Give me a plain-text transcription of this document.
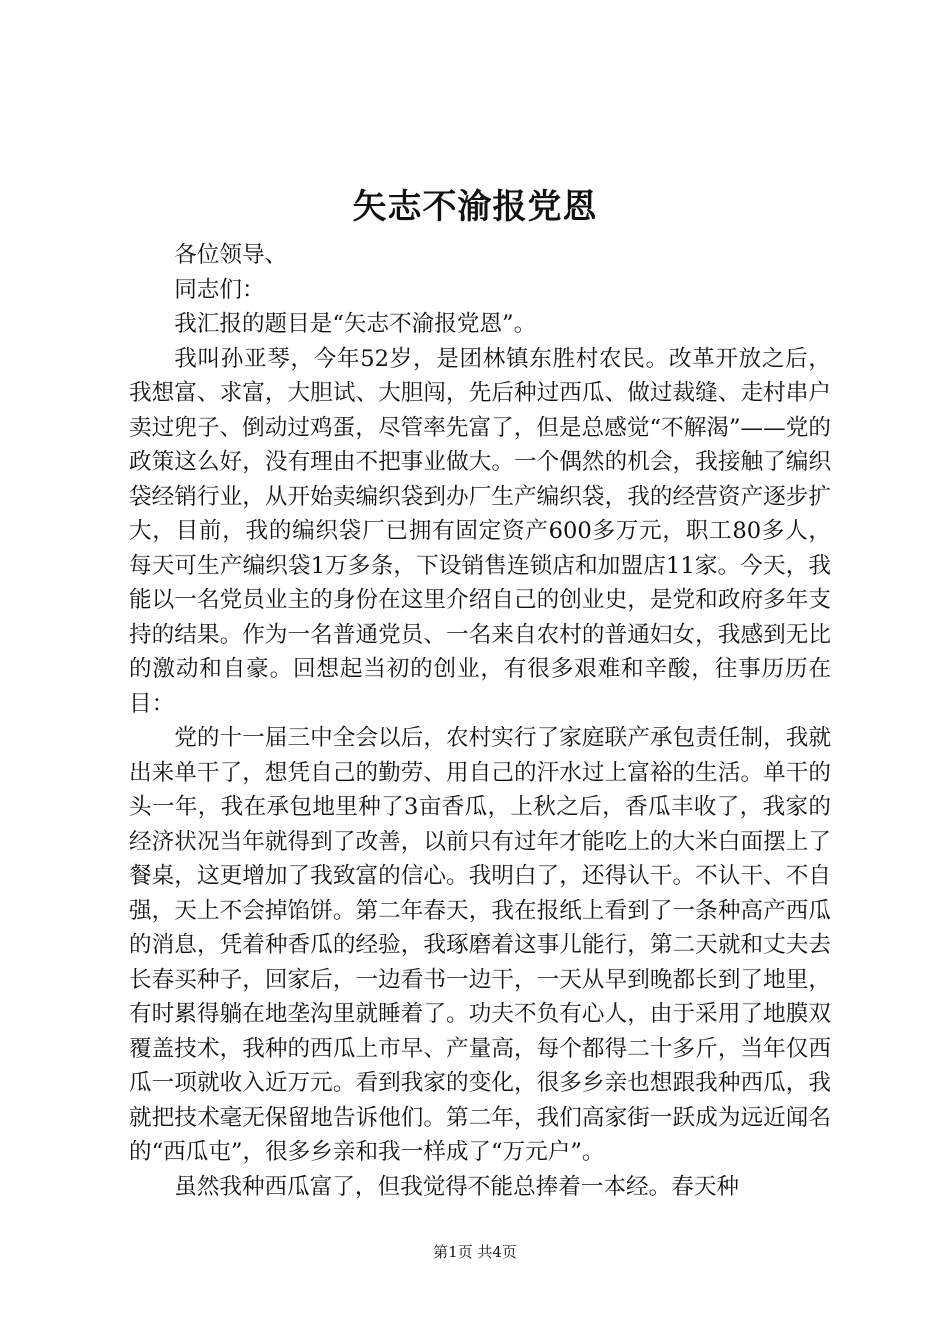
矢志不渝报党恩

各位领导、

同志们：

我汇报的题目是“矢志不渝报党恩”。

我叫孙亚琴，今年52岁，是团林镇东胜村农民。改革开放之后，我想富、求富，大胆试、大胆闯，先后种过西瓜、做过裁缝、走村串户卖过兜子、倒动过鸡蛋，尽管率先富了，但是总感觉“不解渴”——党的政策这么好，没有理由不把事业做大。一个偶然的机会，我接触了编织袋经销行业，从开始卖编织袋到办厂生产编织袋，我的经营资产逐步扩大，目前，我的编织袋厂已拥有固定资产600多万元，职工80多人，每天可生产编织袋1万多条，下设销售连锁店和加盟店11家。今天，我能以一名党员业主的身份在这里介绍自己的创业史，是党和政府多年支持的结果。作为一名普通党员、一名来自农村的普通妇女，我感到无比的激动和自豪。回想起当初的创业，有很多艰难和辛酸，往事历历在目：

党的十一届三中全会以后，农村实行了家庭联产承包责任制，我就出来单干了，想凭自己的勤劳、用自己的汗水过上富裕的生活。单干的头一年，我在承包地里种了3亩香瓜，上秋之后，香瓜丰收了，我家的经济状况当年就得到了改善，以前只有过年才能吃上的大米白面摆上了餐桌，这更增加了我致富的信心。我明白了，还得认干。不认干、不自强，天上不会掉馅饼。第二年春天，我在报纸上看到了一条种高产西瓜的消息，凭着种香瓜的经验，我琢磨着这事儿能行，第二天就和丈夫去长春买种子，回家后，一边看书一边干，一天从早到晚都长到了地里，有时累得躺在地垄沟里就睡着了。功夫不负有心人，由于采用了地膜双覆盖技术，我种的西瓜上市早、产量高，每个都得二十多斤，当年仅西瓜一项就收入近万元。看到我家的变化，很多乡亲也想跟我种西瓜，我就把技术毫无保留地告诉他们。第二年，我们高家街一跃成为远近闻名的“西瓜屯”，很多乡亲和我一样成了“万元户”。

虽然我种西瓜富了，但我觉得不能总捧着一本经。春天种

第1页 共4页
